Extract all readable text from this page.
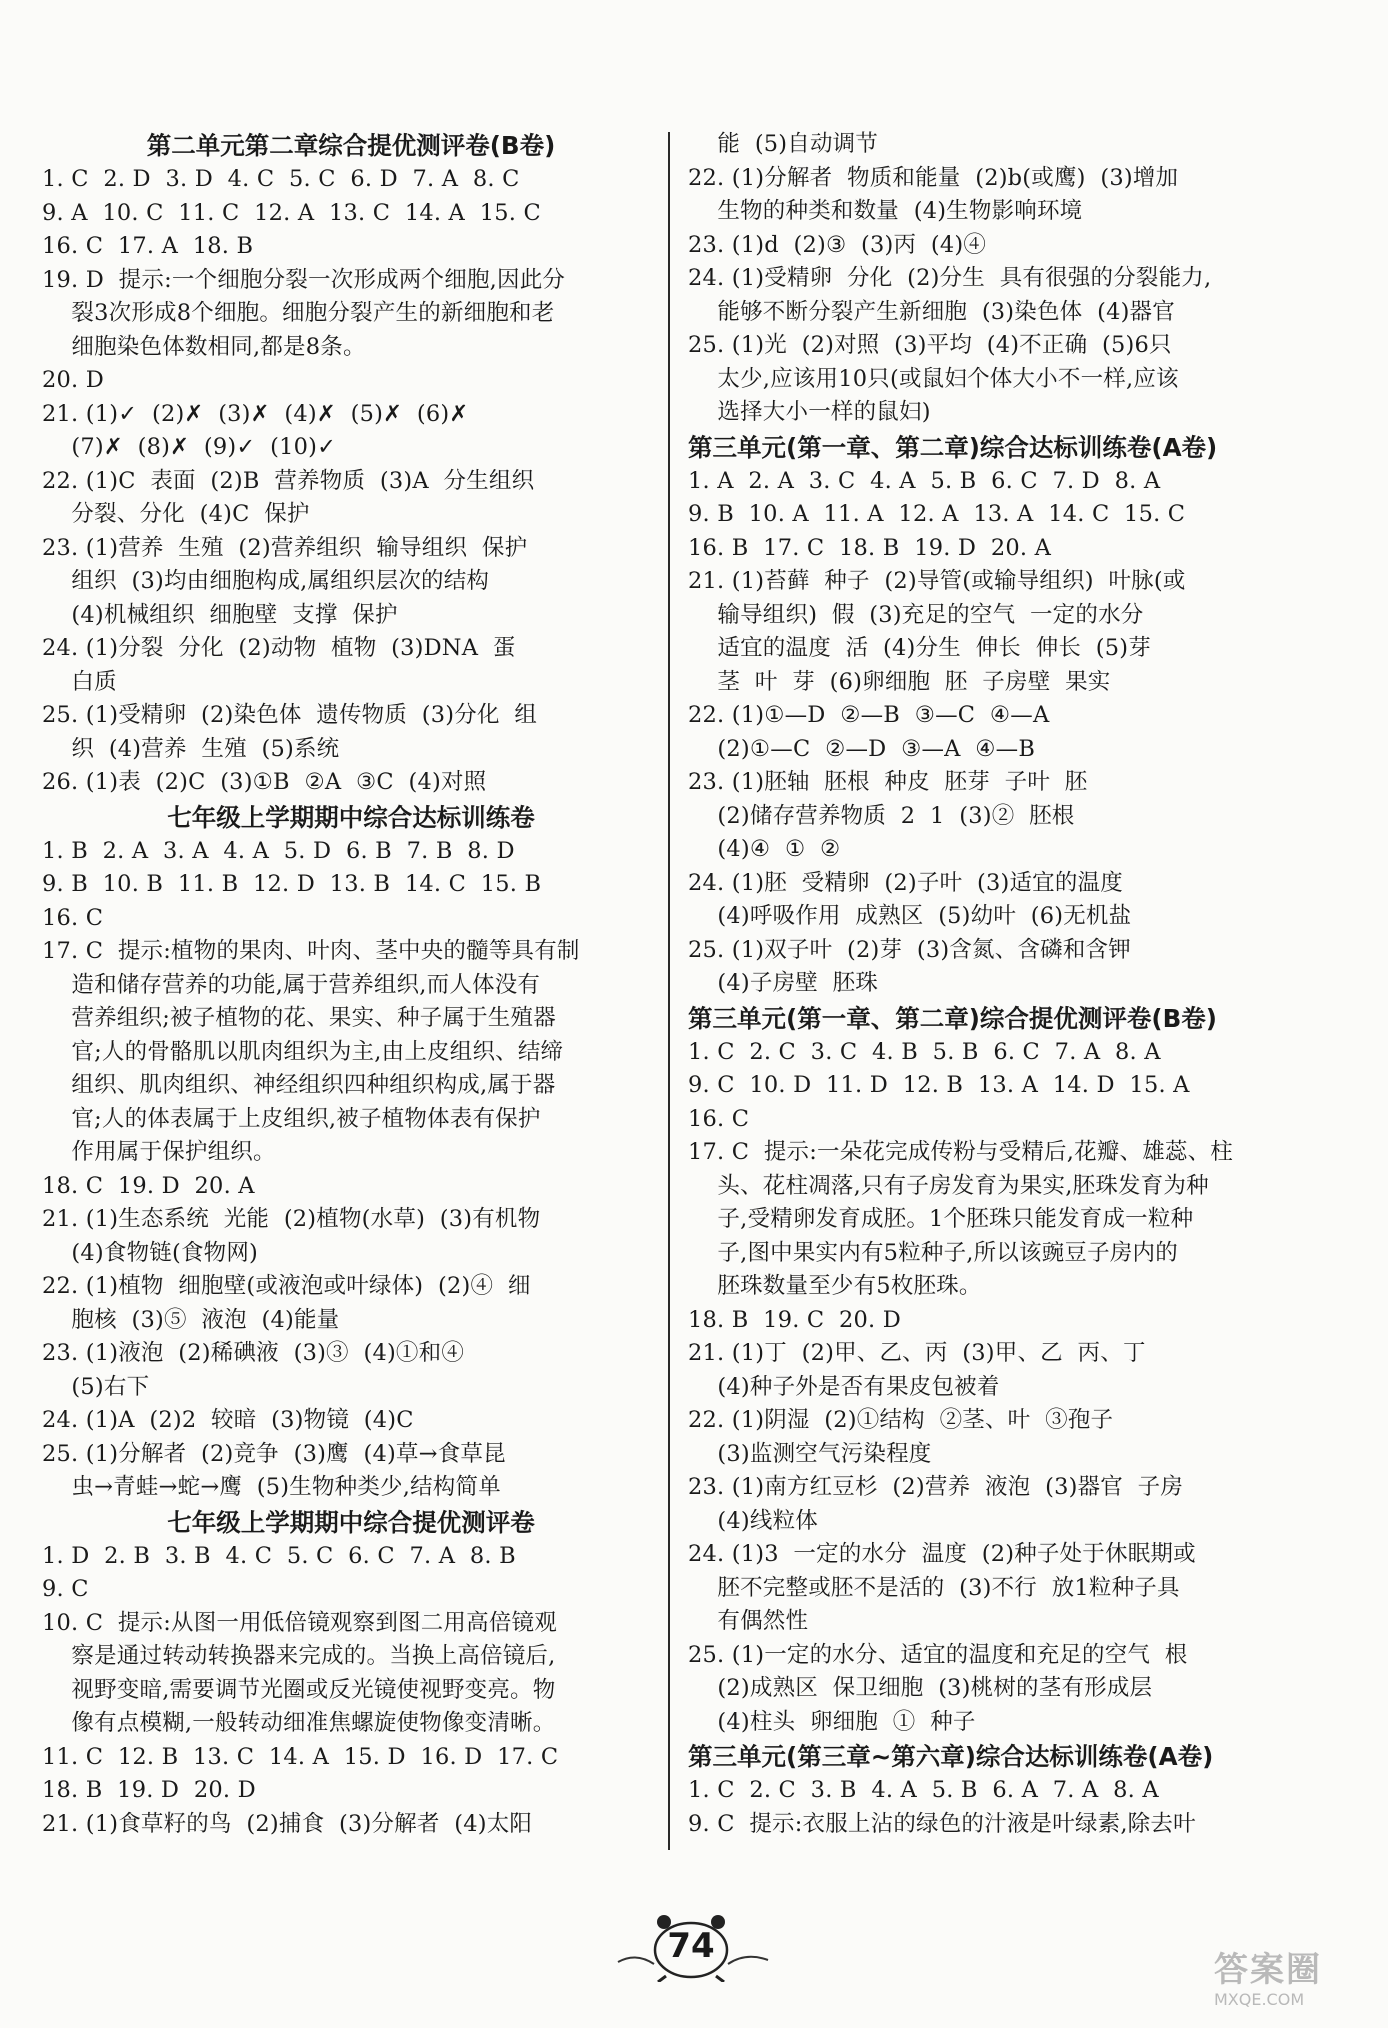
第二单元第二章综合提优测评卷(B卷)
1. C  2. D  3. D  4. C  5. C  6. D  7. A  8. C
9. A  10. C  11. C  12. A  13. C  14. A  15. C
16. C  17. A  18. B
19. D  提示:一个细胞分裂一次形成两个细胞,因此分
裂3次形成8个细胞。细胞分裂产生的新细胞和老
细胞染色体数相同,都是8条。
20. D
21. (1)✓  (2)✗  (3)✗  (4)✗  (5)✗  (6)✗
(7)✗  (8)✗  (9)✓  (10)✓
22. (1)C  表面  (2)B  营养物质  (3)A  分生组织
分裂、分化  (4)C  保护
23. (1)营养  生殖  (2)营养组织  输导组织  保护
组织  (3)均由细胞构成,属组织层次的结构
(4)机械组织  细胞壁  支撑  保护
24. (1)分裂  分化  (2)动物  植物  (3)DNA  蛋
白质
25. (1)受精卵  (2)染色体  遗传物质  (3)分化  组
织  (4)营养  生殖  (5)系统
26. (1)表  (2)C  (3)①B  ②A  ③C  (4)对照
七年级上学期期中综合达标训练卷
1. B  2. A  3. A  4. A  5. D  6. B  7. B  8. D
9. B  10. B  11. B  12. D  13. B  14. C  15. B
16. C
17. C  提示:植物的果肉、叶肉、茎中央的髓等具有制
造和储存营养的功能,属于营养组织,而人体没有
营养组织;被子植物的花、果实、种子属于生殖器
官;人的骨骼肌以肌肉组织为主,由上皮组织、结缔
组织、肌肉组织、神经组织四种组织构成,属于器
官;人的体表属于上皮组织,被子植物体表有保护
作用属于保护组织。
18. C  19. D  20. A
21. (1)生态系统  光能  (2)植物(水草)  (3)有机物
(4)食物链(食物网)
22. (1)植物  细胞壁(或液泡或叶绿体)  (2)④  细
胞核  (3)⑤  液泡  (4)能量
23. (1)液泡  (2)稀碘液  (3)③  (4)①和④
(5)右下
24. (1)A  (2)2  较暗  (3)物镜  (4)C
25. (1)分解者  (2)竞争  (3)鹰  (4)草→食草昆
虫→青蛙→蛇→鹰  (5)生物种类少,结构简单
七年级上学期期中综合提优测评卷
1. D  2. B  3. B  4. C  5. C  6. C  7. A  8. B
9. C
10. C  提示:从图一用低倍镜观察到图二用高倍镜观
察是通过转动转换器来完成的。当换上高倍镜后,
视野变暗,需要调节光圈或反光镜使视野变亮。物
像有点模糊,一般转动细准焦螺旋使物像变清晰。
11. C  12. B  13. C  14. A  15. D  16. D  17. C
18. B  19. D  20. D
21. (1)食草籽的鸟  (2)捕食  (3)分解者  (4)太阳
能  (5)自动调节
22. (1)分解者  物质和能量  (2)b(或鹰)  (3)增加
生物的种类和数量  (4)生物影响环境
23. (1)d  (2)③  (3)丙  (4)④
24. (1)受精卵  分化  (2)分生  具有很强的分裂能力,
能够不断分裂产生新细胞  (3)染色体  (4)器官
25. (1)光  (2)对照  (3)平均  (4)不正确  (5)6只
太少,应该用10只(或鼠妇个体大小不一样,应该
选择大小一样的鼠妇)
第三单元(第一章、第二章)综合达标训练卷(A卷)
1. A  2. A  3. C  4. A  5. B  6. C  7. D  8. A
9. B  10. A  11. A  12. A  13. A  14. C  15. C
16. B  17. C  18. B  19. D  20. A
21. (1)苔藓  种子  (2)导管(或输导组织)  叶脉(或
输导组织)  假  (3)充足的空气  一定的水分
适宜的温度  活  (4)分生  伸长  伸长  (5)芽
茎  叶  芽  (6)卵细胞  胚  子房壁  果实
22. (1)①—D  ②—B  ③—C  ④—A
(2)①—C  ②—D  ③—A  ④—B
23. (1)胚轴  胚根  种皮  胚芽  子叶  胚
(2)储存营养物质  2  1  (3)②  胚根
(4)④  ①  ②
24. (1)胚  受精卵  (2)子叶  (3)适宜的温度
(4)呼吸作用  成熟区  (5)幼叶  (6)无机盐
25. (1)双子叶  (2)芽  (3)含氮、含磷和含钾
(4)子房壁  胚珠
第三单元(第一章、第二章)综合提优测评卷(B卷)
1. C  2. C  3. C  4. B  5. B  6. C  7. A  8. A
9. C  10. D  11. D  12. B  13. A  14. D  15. A
16. C
17. C  提示:一朵花完成传粉与受精后,花瓣、雄蕊、柱
头、花柱凋落,只有子房发育为果实,胚珠发育为种
子,受精卵发育成胚。1个胚珠只能发育成一粒种
子,图中果实内有5粒种子,所以该豌豆子房内的
胚珠数量至少有5枚胚珠。
18. B  19. C  20. D
21. (1)丁  (2)甲、乙、丙  (3)甲、乙  丙、丁
(4)种子外是否有果皮包被着
22. (1)阴湿  (2)①结构  ②茎、叶  ③孢子
(3)监测空气污染程度
23. (1)南方红豆杉  (2)营养  液泡  (3)器官  子房
(4)线粒体
24. (1)3  一定的水分  温度  (2)种子处于休眠期或
胚不完整或胚不是活的  (3)不行  放1粒种子具
有偶然性
25. (1)一定的水分、适宜的温度和充足的空气  根
(2)成熟区  保卫细胞  (3)桃树的茎有形成层
(4)柱头  卵细胞  ①  种子
第三单元(第三章~第六章)综合达标训练卷(A卷)
1. C  2. C  3. B  4. A  5. B  6. A  7. A  8. A
9. C  提示:衣服上沾的绿色的汁液是叶绿素,除去叶
74
答案圈
MXQE.COM
